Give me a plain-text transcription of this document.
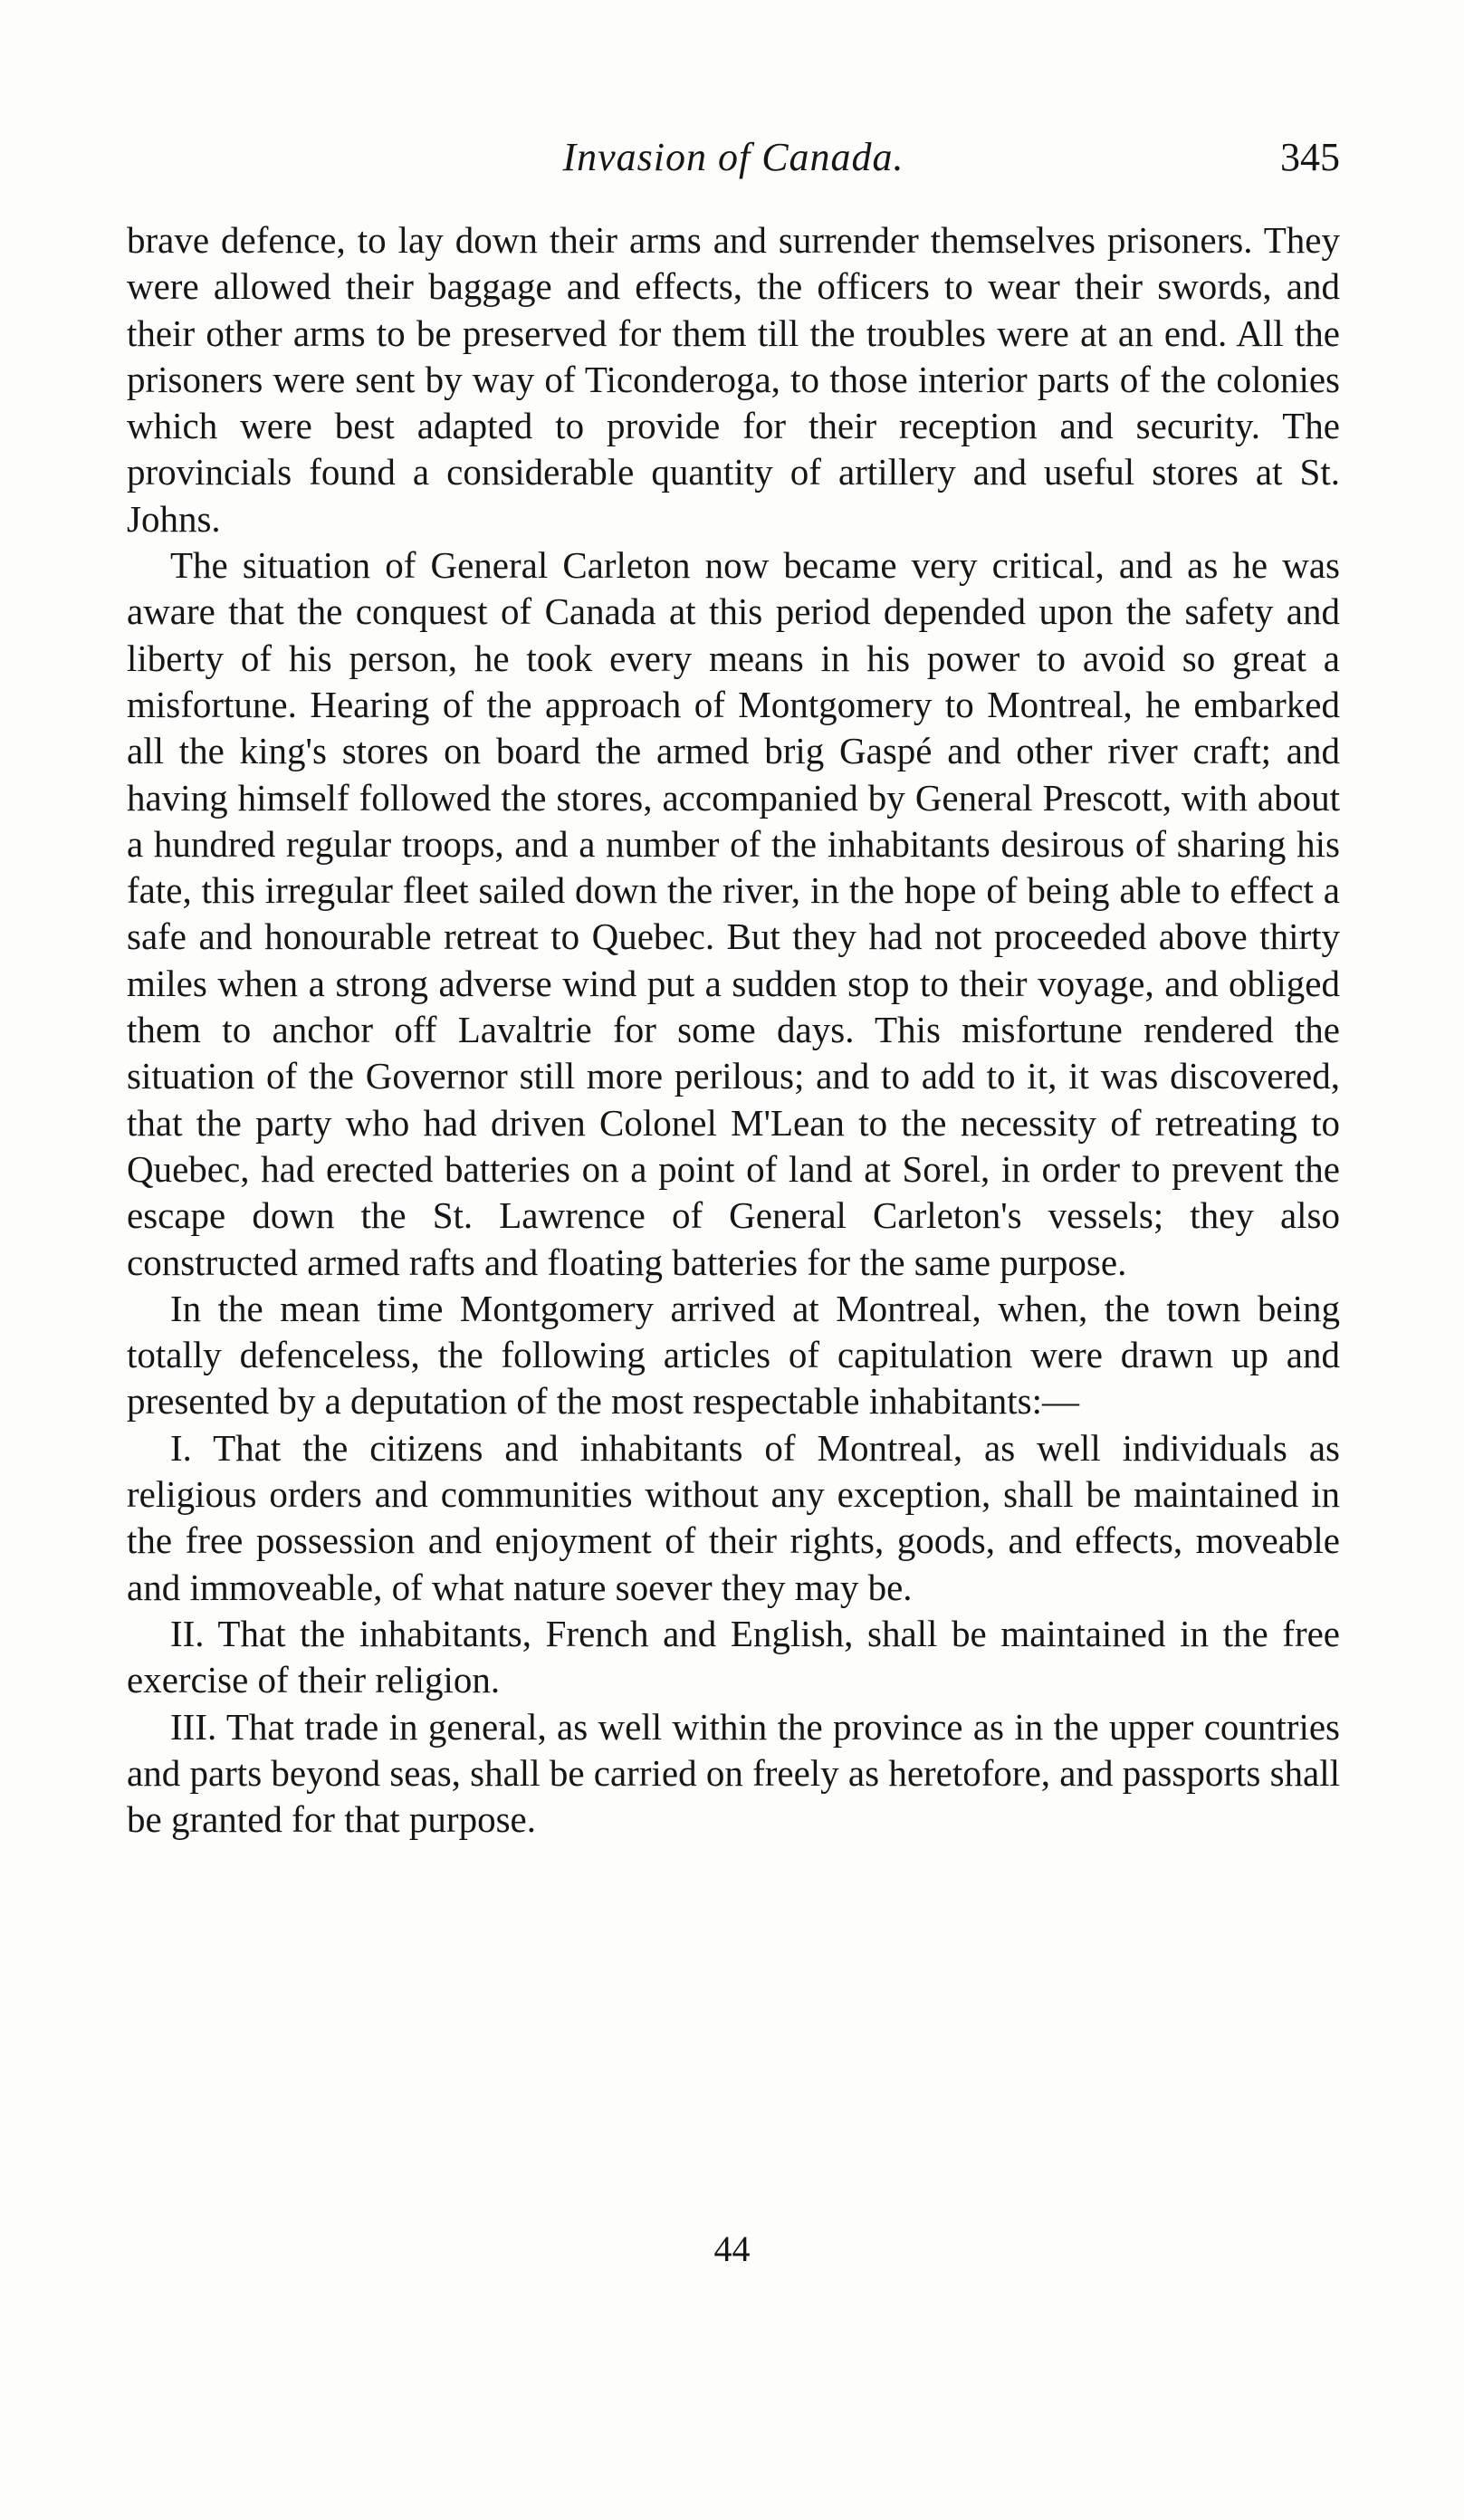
Invasion of Canada.	345

brave defence, to lay down their arms and surrender themselves prisoners. They were allowed their baggage and effects, the officers to wear their swords, and their other arms to be preserved for them till the troubles were at an end. All the prisoners were sent by way of Ticonderoga, to those interior parts of the colonies which were best adapted to provide for their reception and security. The provincials found a considerable quantity of artillery and useful stores at St. Johns.

The situation of General Carleton now became very critical, and as he was aware that the conquest of Canada at this period depended upon the safety and liberty of his person, he took every means in his power to avoid so great a misfortune. Hearing of the approach of Montgomery to Montreal, he embarked all the king's stores on board the armed brig Gaspé and other river craft; and having himself followed the stores, accompanied by General Prescott, with about a hundred regular troops, and a number of the inhabitants desirous of sharing his fate, this irregular fleet sailed down the river, in the hope of being able to effect a safe and honourable retreat to Quebec. But they had not proceeded above thirty miles when a strong adverse wind put a sudden stop to their voyage, and obliged them to anchor off Lavaltrie for some days. This misfortune rendered the situation of the Governor still more perilous; and to add to it, it was discovered, that the party who had driven Colonel M'Lean to the necessity of retreating to Quebec, had erected batteries on a point of land at Sorel, in order to prevent the escape down the St. Lawrence of General Carleton's vessels; they also constructed armed rafts and floating batteries for the same purpose.

In the mean time Montgomery arrived at Montreal, when, the town being totally defenceless, the following articles of capitulation were drawn up and presented by a deputation of the most respectable inhabitants:—

I. That the citizens and inhabitants of Montreal, as well individuals as religious orders and communities without any exception, shall be maintained in the free possession and enjoyment of their rights, goods, and effects, moveable and immoveable, of what nature soever they may be.

II. That the inhabitants, French and English, shall be maintained in the free exercise of their religion.

III. That trade in general, as well within the province as in the upper countries and parts beyond seas, shall be carried on freely as heretofore, and passports shall be granted for that purpose.

44
